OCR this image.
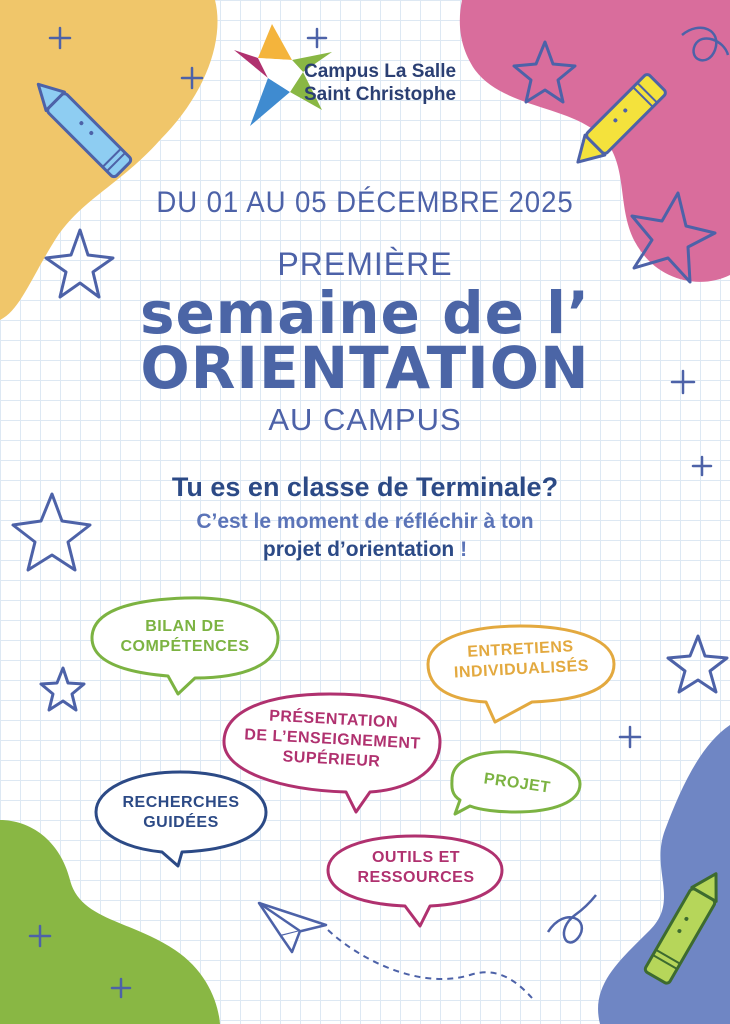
Campus La Salle
Saint Christophe
DU 01 AU 05 DÉCEMBRE 2025
PREMIÈRE
semaine de l’
ORIENTATION
AU CAMPUS
Tu es en classe de Terminale?
C’est le moment de réfléchir à ton
projet d’orientation !
BILAN DE
COMPÉTENCES	ENTRETIENS
INDIVIDUALISÉS
PRÉSENTATION
DE L’ENSEIGNEMENT
SUPÉRIEUR
PROJET
RECHERCHES
GUIDÉES
OUTILS ET
RESSOURCES
